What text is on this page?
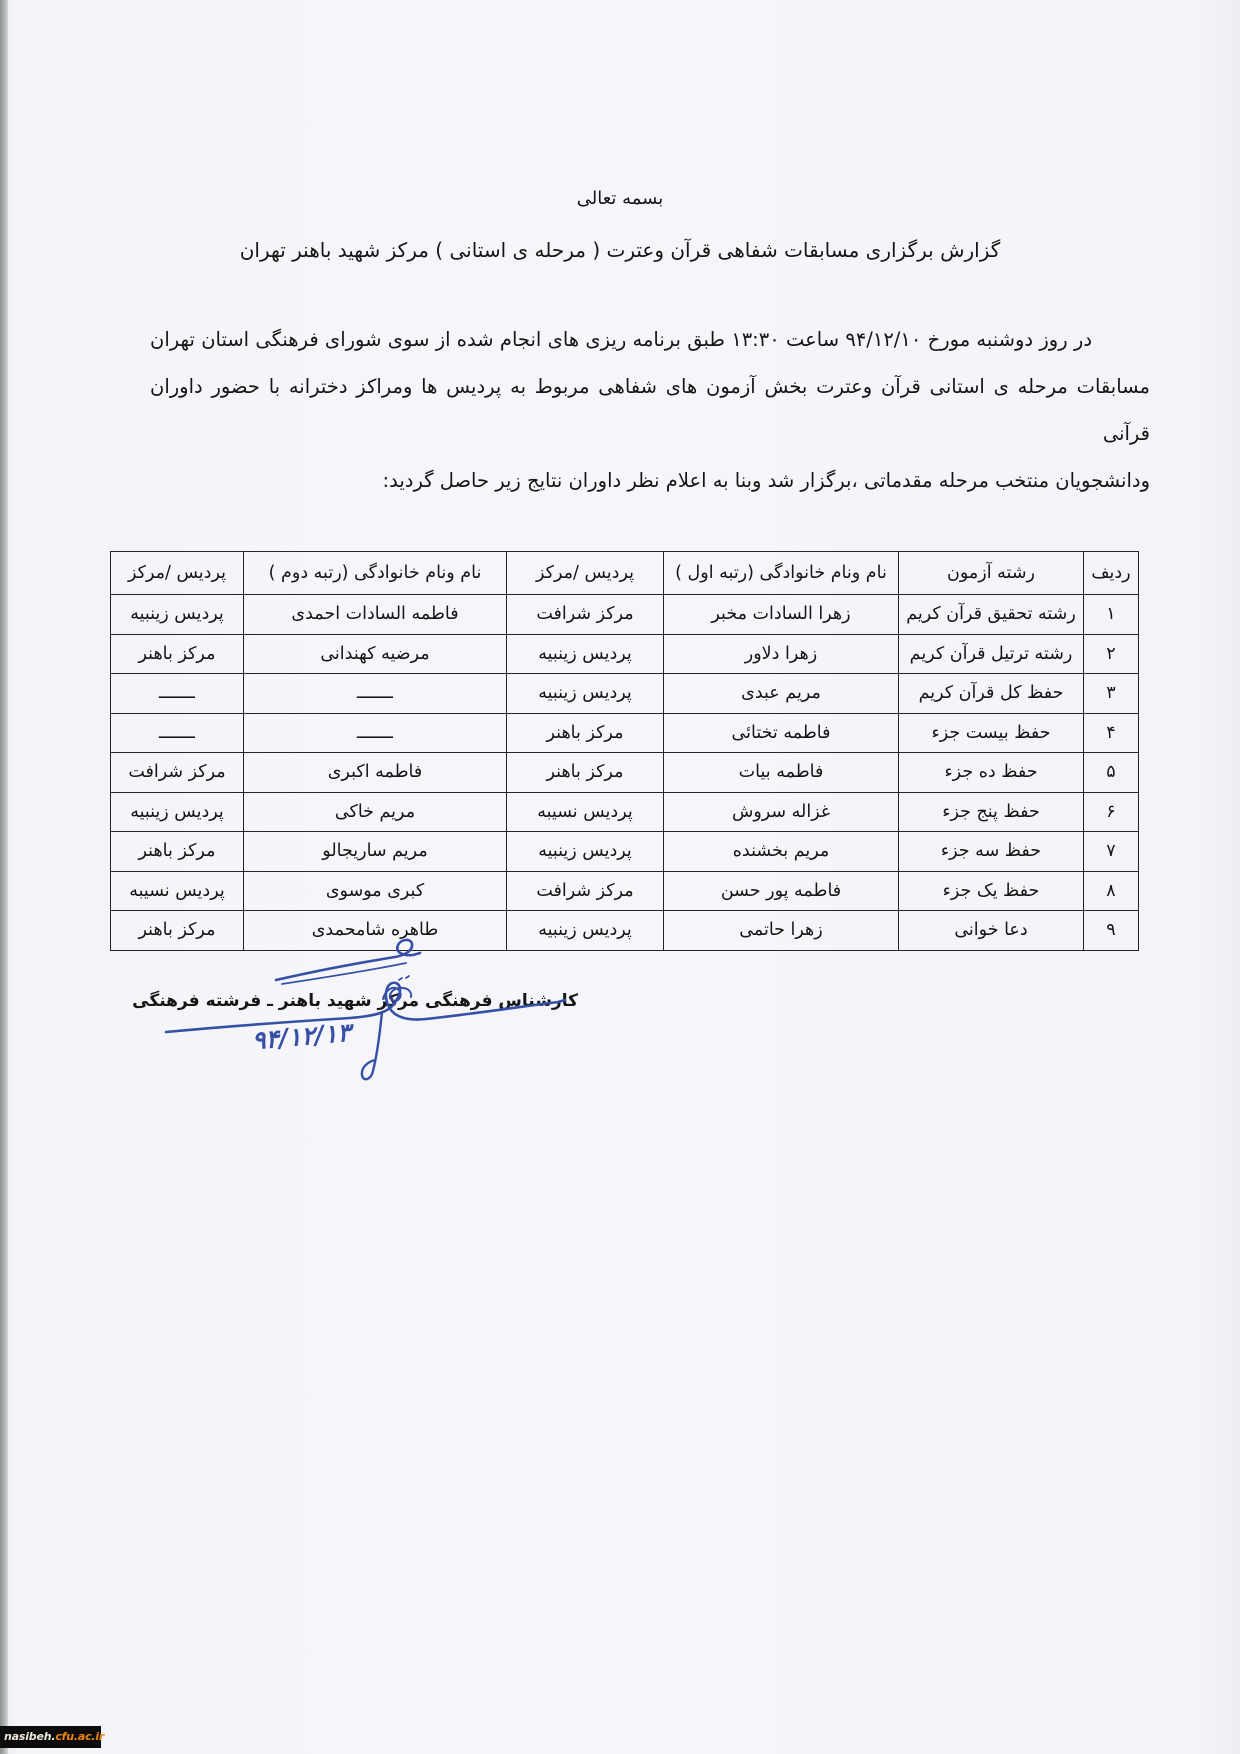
بسمه تعالی
گزارش برگزاری مسابقات شفاهی قرآن وعترت ( مرحله ی استانی ) مرکز شهید باهنر تهران
در روز دوشنبه مورخ ۹۴/۱۲/۱۰ ساعت ۱۳:۳۰ طبق برنامه ریزی های انجام شده از سوی شورای فرهنگی استان تهران
مسابقات مرحله ی استانی قرآن وعترت بخش آزمون های شفاهی مربوط به پردیس ها ومراکز دخترانه با حضور داوران قرآنی
ودانشجویان منتخب مرحله مقدماتی ،برگزار شد وبنا به اعلام نظر داوران نتایج زیر حاصل گردید:
ردیف	رشته آزمون	نام ونام خانوادگی (رتبه اول )	پردیس /مرکز	نام ونام خانوادگی (رتبه دوم )	پردیس /مرکز
۱	رشته تحقیق قرآن کریم	زهرا السادات مخبر	مرکز شرافت	فاطمه السادات احمدی	پردیس زینبیه
۲	رشته ترتیل قرآن کریم	زهرا دلاور	پردیس زینبیه	مرضیه کهندانی	مرکز باهنر
۳	حفظ کل قرآن کریم	مریم عبدی	پردیس زینبیه	ـــــــ	ـــــــ
۴	حفظ بیست جزء	فاطمه تختائی	مرکز باهنر	ـــــــ	ـــــــ
۵	حفظ ده جزء	فاطمه بیات	مرکز باهنر	فاطمه اکبری	مرکز شرافت
۶	حفظ پنج جزء	غزاله سروش	پردیس نسیبه	مریم خاکی	پردیس زینبیه
۷	حفظ سه جزء	مریم بخشنده	پردیس زینبیه	مریم ساریجالو	مرکز باهنر
۸	حفظ یک جزء	فاطمه پور حسن	مرکز شرافت	کبری موسوی	پردیس نسیبه
۹	دعا خوانی	زهرا حاتمی	پردیس زینبیه	طاهره شامحمدی	مرکز باهنر
کارشناس فرهنگی مرکز شهید باهنر ـ فرشته فرهنگی
۹۴/۱۲/۱۳
nasibeh.cfu.ac.ir
